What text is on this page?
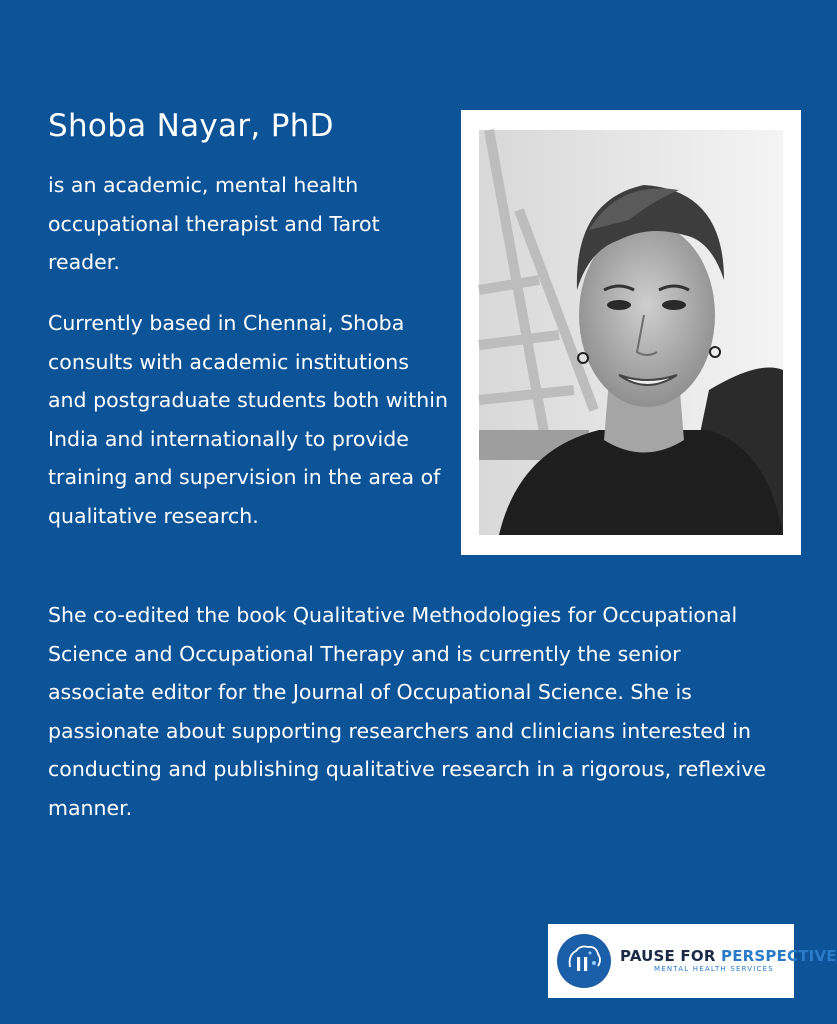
Shoba Nayar, PhD

is an academic, mental health occupational therapist and Tarot reader.

Currently based in Chennai, Shoba consults with academic institutions and postgraduate students both within India and internationally to provide training and supervision in the area of qualitative research.

She co-edited the book Qualitative Methodologies for Occupational Science and Occupational Therapy and is currently the senior associate editor for the Journal of Occupational Science. She is passionate about supporting researchers and clinicians interested in conducting and publishing qualitative research in a rigorous, reflexive manner.

PAUSE FOR PERSPECTIVE
MENTAL HEALTH SERVICES
